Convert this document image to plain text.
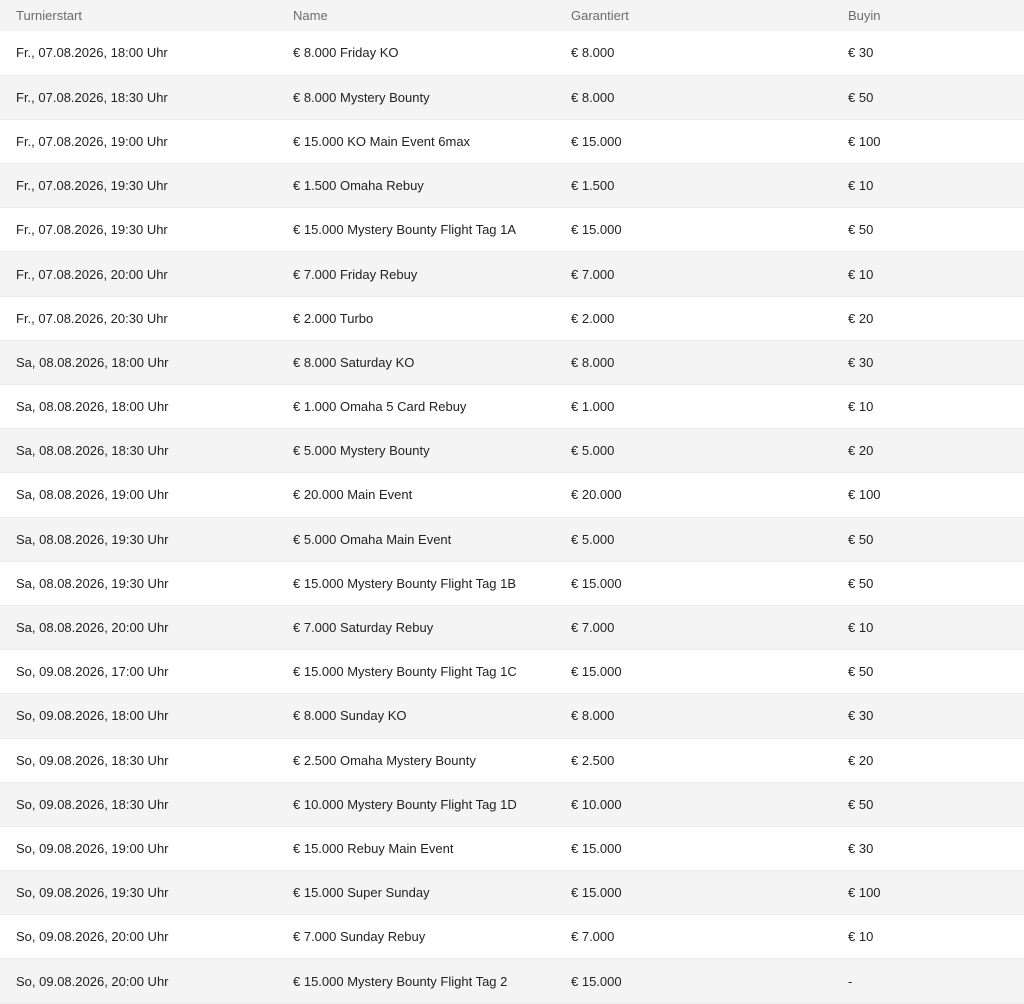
Turnierstart	Name	Garantiert	Buyin
Fr., 07.08.2026, 18:00 Uhr	€ 8.000 Friday KO	€ 8.000	€ 30
Fr., 07.08.2026, 18:30 Uhr	€ 8.000 Mystery Bounty	€ 8.000	€ 50
Fr., 07.08.2026, 19:00 Uhr	€ 15.000 KO Main Event 6max	€ 15.000	€ 100
Fr., 07.08.2026, 19:30 Uhr	€ 1.500 Omaha Rebuy	€ 1.500	€ 10
Fr., 07.08.2026, 19:30 Uhr	€ 15.000 Mystery Bounty Flight Tag 1A	€ 15.000	€ 50
Fr., 07.08.2026, 20:00 Uhr	€ 7.000 Friday Rebuy	€ 7.000	€ 10
Fr., 07.08.2026, 20:30 Uhr	€ 2.000 Turbo	€ 2.000	€ 20
Sa, 08.08.2026, 18:00 Uhr	€ 8.000 Saturday KO	€ 8.000	€ 30
Sa, 08.08.2026, 18:00 Uhr	€ 1.000 Omaha 5 Card Rebuy	€ 1.000	€ 10
Sa, 08.08.2026, 18:30 Uhr	€ 5.000 Mystery Bounty	€ 5.000	€ 20
Sa, 08.08.2026, 19:00 Uhr	€ 20.000 Main Event	€ 20.000	€ 100
Sa, 08.08.2026, 19:30 Uhr	€ 5.000 Omaha Main Event	€ 5.000	€ 50
Sa, 08.08.2026, 19:30 Uhr	€ 15.000 Mystery Bounty Flight Tag 1B	€ 15.000	€ 50
Sa, 08.08.2026, 20:00 Uhr	€ 7.000 Saturday Rebuy	€ 7.000	€ 10
So, 09.08.2026, 17:00 Uhr	€ 15.000 Mystery Bounty Flight Tag 1C	€ 15.000	€ 50
So, 09.08.2026, 18:00 Uhr	€ 8.000 Sunday KO	€ 8.000	€ 30
So, 09.08.2026, 18:30 Uhr	€ 2.500 Omaha Mystery Bounty	€ 2.500	€ 20
So, 09.08.2026, 18:30 Uhr	€ 10.000 Mystery Bounty Flight Tag 1D	€ 10.000	€ 50
So, 09.08.2026, 19:00 Uhr	€ 15.000 Rebuy Main Event	€ 15.000	€ 30
So, 09.08.2026, 19:30 Uhr	€ 15.000 Super Sunday	€ 15.000	€ 100
So, 09.08.2026, 20:00 Uhr	€ 7.000 Sunday Rebuy	€ 7.000	€ 10
So, 09.08.2026, 20:00 Uhr	€ 15.000 Mystery Bounty Flight Tag 2	€ 15.000	-
